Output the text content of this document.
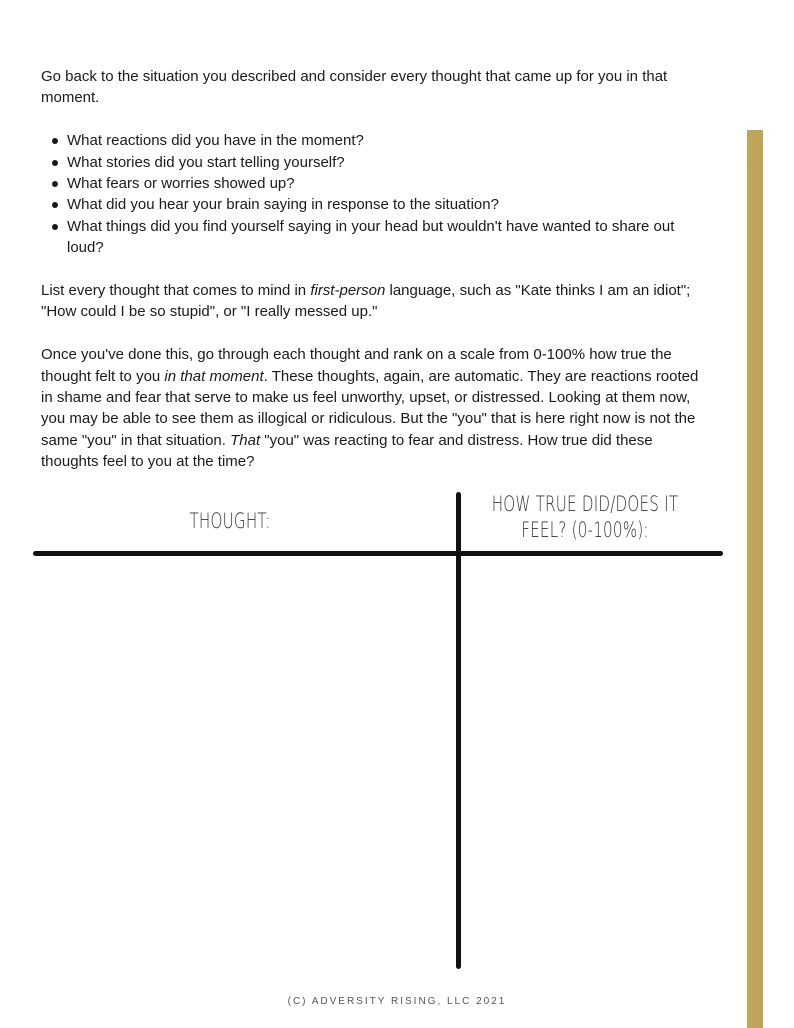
Go back to the situation you described and consider every thought that came up for you in that moment.

What reactions did you have in the moment?
What stories did you start telling yourself?
What fears or worries showed up?
What did you hear your brain saying in response to the situation?
What things did you find yourself saying in your head but wouldn't have wanted to share out loud?

List every thought that comes to mind in first-person language, such as "Kate thinks I am an idiot"; "How could I be so stupid", or "I really messed up."

Once you've done this, go through each thought and rank on a scale from 0-100% how true the thought felt to you in that moment. These thoughts, again, are automatic. They are reactions rooted in shame and fear that serve to make us feel unworthy, upset, or distressed. Looking at them now, you may be able to see them as illogical or ridiculous. But the "you" that is here right now is not the same "you" in that situation. That "you" was reacting to fear and distress. How true did these thoughts feel to you at the time?

THOUGHT:
HOW TRUE DID/DOES IT
FEEL? (0-100%):
(C) ADVERSITY RISING, LLC 2021
